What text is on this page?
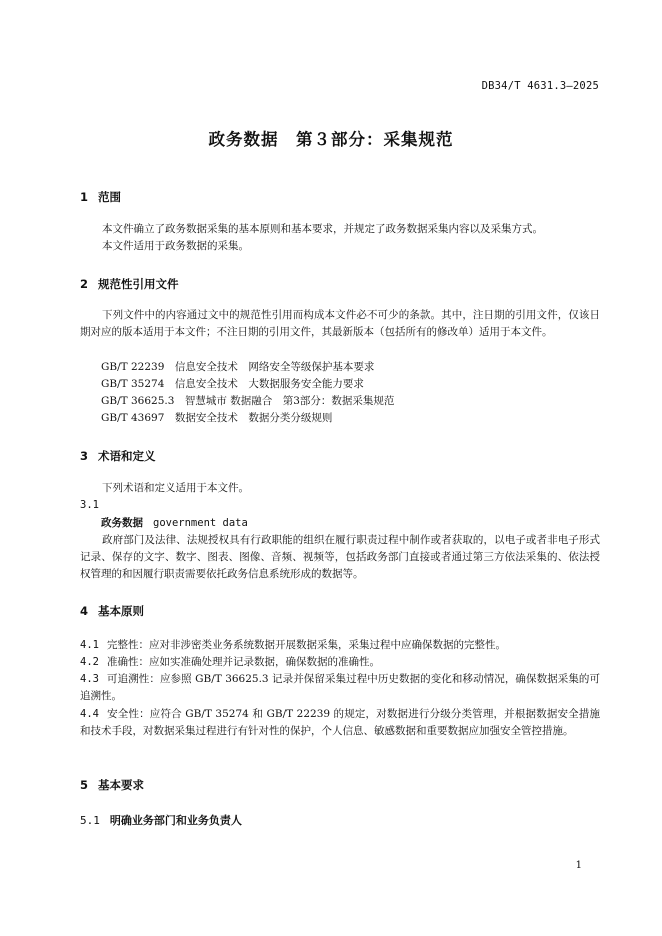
DB34/T 4631.3—2025
政务数据　第３部分：采集规范
1 范围
本文件确立了政务数据采集的基本原则和基本要求，并规定了政务数据采集内容以及采集方式。
本文件适用于政务数据的采集。
2 规范性引用文件
下列文件中的内容通过文中的规范性引用而构成本文件必不可少的条款。其中，注日期的引用文件，仅该日期对应的版本适用于本文件；不注日期的引用文件，其最新版本（包括所有的修改单）适用于本文件。
GB/T 22239　信息安全技术　网络安全等级保护基本要求
GB/T 35274　信息安全技术　大数据服务安全能力要求
GB/T 36625.3　智慧城市 数据融合　第3部分：数据采集规范
GB/T 43697　数据安全技术　数据分类分级规则
3 术语和定义
下列术语和定义适用于本文件。
3.1
政务数据 government data
政府部门及法律、法规授权具有行政职能的组织在履行职责过程中制作或者获取的，以电子或者非电子形式记录、保存的文字、数字、图表、图像、音频、视频等，包括政务部门直接或者通过第三方依法采集的、依法授权管理的和因履行职责需要依托政务信息系统形成的数据等。
4 基本原则
4.1 完整性：应对非涉密类业务系统数据开展数据采集，采集过程中应确保数据的完整性。
4.2 准确性：应如实准确处理并记录数据，确保数据的准确性。
4.3 可追溯性：应参照 GB/T 36625.3 记录并保留采集过程中历史数据的变化和移动情况，确保数据采集的可追溯性。
4.4 安全性：应符合 GB/T 35274 和 GB/T 22239 的规定，对数据进行分级分类管理，并根据数据安全措施和技术手段，对数据采集过程进行有针对性的保护，个人信息、敏感数据和重要数据应加强安全管控措施。
5 基本要求
5.1 明确业务部门和业务负责人
1
